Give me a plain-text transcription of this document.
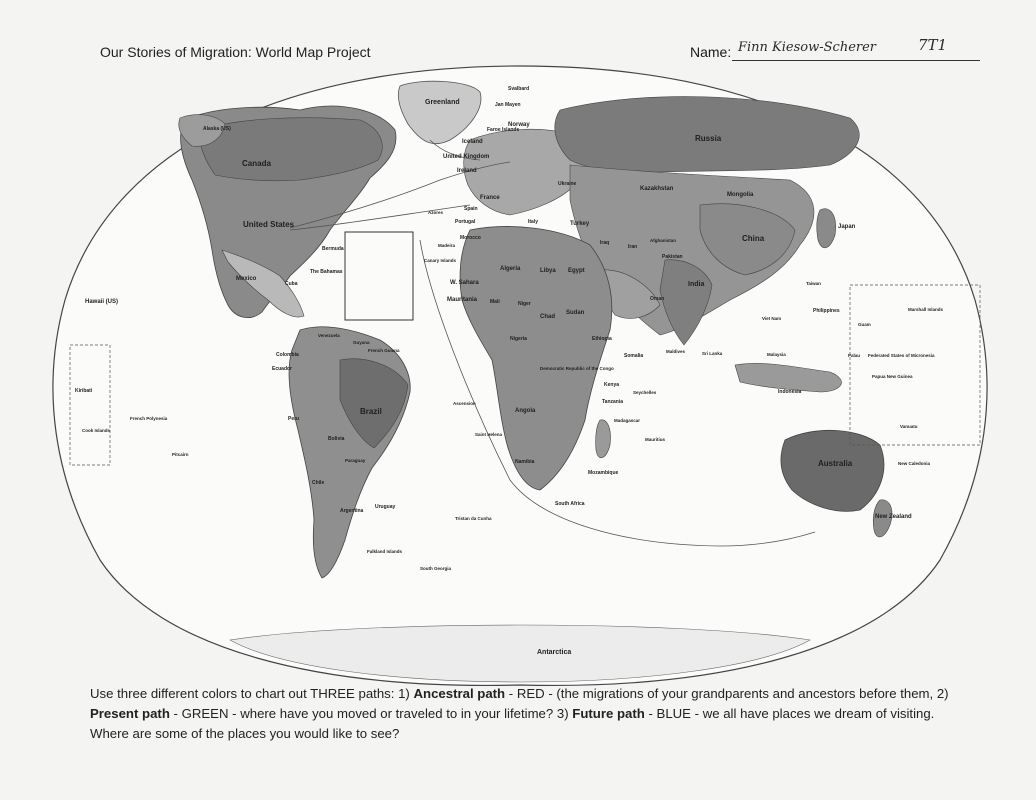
Our Stories of Migration: World Map Project	Name: Finn Kiesow-Scherer	7T1
Greenland
Svalbard
Jan Mayen
Norway
Iceland
Faroe Islands
United Kingdom
Ireland
Russia
Canada
Alaska (US)
United States
Mexico
Cuba
The Bahamas
Bermuda
Hawaii (US)
Kazakhstan
Mongolia
China
Japan
India
France
Spain
Portugal	Italy	Turkey
Ukraine
Iraq
Iran
Afghanistan
Pakistan
Morocco
Algeria	Libya Egypt
W. Sahara
Mauritania	Mali	Niger
Chad
Sudan
Ethiopia
Somalia
Kenya
Tanzania
Angola
Namibia
South Africa
Mozambique
Democratic Republic of the Congo
Nigeria
Oman
Colombia
Venezuela
Guyana
French Guiana
Ecuador
Peru
Brazil
Bolivia
Paraguay
Chile
Argentina
Uruguay
Australia
New Zealand
Indonesia
Philippines
Taiwan
Viet Nam
Malaysia
Papua New Guinea
Antarctica
Falkland Islands
Kiribati
French Polynesia
Cook Islands
Pitcairn
Maldives	Sri Lanka
Seychelles
Madagascar
Mauritius
New Caledonia
Vanuatu
Tristan da Cunha
South Georgia
Ascension
Saint Helena
Federated States of Micronesia
Marshall Islands
Guam
Palau
Canary Islands
Azores
Madeira
Use three different colors to chart out THREE paths: 1) Ancestral path - RED - (the migrations of your grandparents and ancestors before them, 2) Present path - GREEN - where have you moved or traveled to in your lifetime? 3) Future path - BLUE - we all have places we dream of visiting. Where are some of the places you would like to see?
